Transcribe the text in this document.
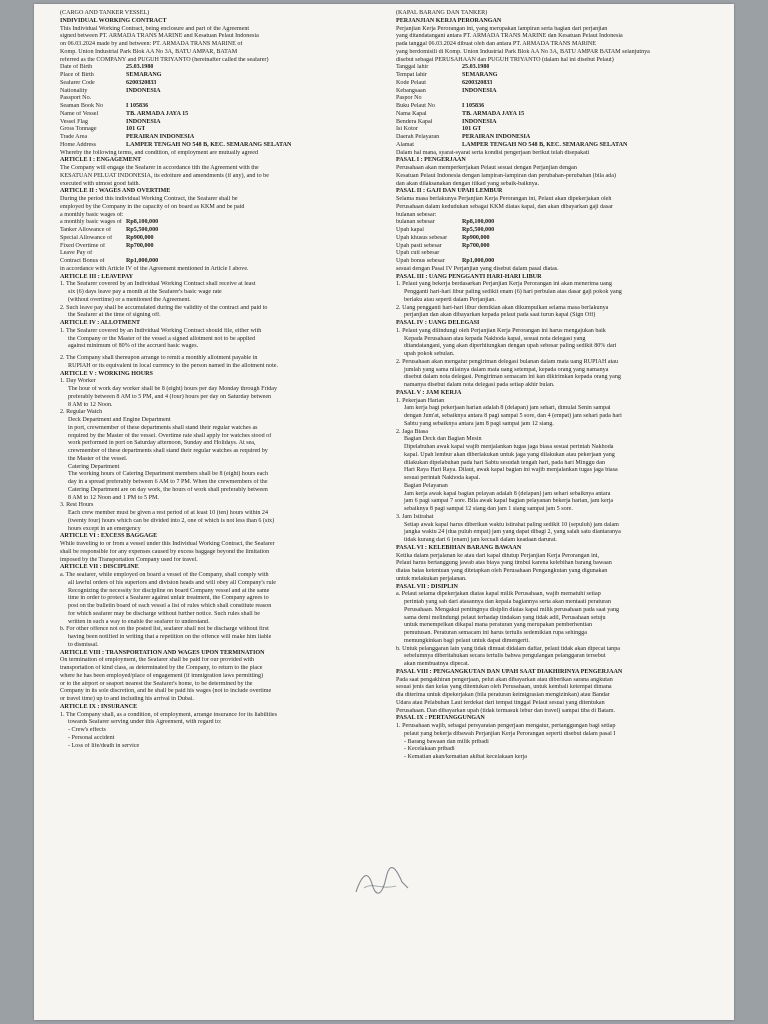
(CARGO AND TANKER VESSEL)

INDIVIDUAL WORKING CONTRACT

This Individual Working Contract, being enclosure and part of the Agreement

signed between PT. ARMADA TRANS MARINE and Kesatuan Pelaut Indonesia

on 06.03.2024 made by and between: PT. ARMADA TRANS MARINE of

Komp. Union Industrial Park Blok AA No 3A, BATU AMPAR, BATAM

referred as the COMPANY and PUGUH TRIYANTO (hereinafter called the seafarer)

Date of Birth	25.03.1980

Place of Birth	SEMARANG

Seafarer Code	6200320833

Nationality	INDONESIA

Passport No.

Seaman Book No	I 105836

Name of Vessel	TB. ARMADA JAYA 15

Vessel Flag	INDONESIA

Gross Tonnage	101 GT

Trade Area	PERAIRAN INDONESIA

Home Address	LAMPER TENGAH NO 548 B, KEC. SEMARANG SELATAN

Whereby the following terms, and condition, of employment are mutually agreed

ARTICLE I : ENGAGEMENT

The Company will engage the Seafarer in accordance tith the Agreement with the

KESATUAN PELUAT INDONESIA, its edoiture and amendments (if any), and to be

executed with utmost good faith.

ARTICLE II : WAGES AND OVERTIME

During the period this individual Working Contract, the Seafarer shall be

employed by the Company in the capacity of on board as KKM and be paid

a monthly basic wages of:

a monthly basic wages of Rp8,100,000

Tanker Allowance of	Rp5,500,000

Special Allowance of	Rp900,000

Fixed Overtime of	Rp700,000

Leave Pay of

Contract Bonus of	Rp1,000,000

in accordance with Article IV of the Agreement mentioned in Article I above.

ARTICLE III : LEAVEPAY

1. The Seafarer covered by an Individual Working Contract shall receive at least

six (6) days leave pay a month at the Seafarer's basic wage rate

(without overtime) or a mentioned the Agreement.

2. Such leave pay shall be accumulated during the validity of the contract and paid to

the Seafarer at the time of signing off.

ARTICLE IV : ALLOTMENT

1. The Seafarer covered by an Individual Working Contract should file, either with

the Company or the Master of the vessel a signed allotment not to be applied

against minimum of 80% of the accrued basic wages.

2. The Company shall thereupon arrange to remit a monthly allotment payable in

RUPIAH or its equivalent in local currency to the person named in the allotment note.

ARTICLE V : WORKING HOURS

1. Day Worker

The hour of work day worker shall be 8 (eight) hours per day Monday through Friday

preferably between 8 AM to 5 PM, and 4 (four) hours per day on Saturday between

8 AM to 12 Noon.

2. Regular Watch

Deck Department and Engine Department

in port, crewmember of these departments shall stand their regular watches as

required by the Master of the vessel. Overtime rate shall apply for watches stood of

work performed in port on Saturday afternoon, Sunday and Holidays. At sea,

crewmember of these departments shall stand their regular watches as required by

the Master of the vessel.

Catering Department

The working hours of Catering Department members shall be 8 (eight) hours each

day in a spread preferably between 6 AM to 7 PM. When the crewmembers of the

Catering Department are on day work, the hours of work shall preferably between

8 AM to 12 Noon and 1 PM to 5 PM.

3. Rest Hours

Each crew member must be given a rest period of at least 10 (ten) hours within 24

(twenty four) hours which can be divided into 2, one of which is not less than 6 (six)

hours except in an emergency

ARTICLE VI : EXCESS BAGGAGE

While traveling to or from a vessel under this Individual Working Contract, the Seafarer

shall be responsible for any expenses caused by excess baggage beyond the limitation

imposed by the Transportation Company used for travel.

ARTICLE VII : DISCIPLINE

a. The seafarer, while employed on board a vessel of the Company, shall comply with

all lawful orders of his superiors and division heads and will obey all Company's rule

Recognizing the necessity for discipline on board Company vessel and at the same

time in order to protect a Seafarer against unfair treatment, the Company agrees to

post on the bulletin board of each vessel a list of rules which shall constitute reason

for which seafarer may be discharge without further notice. Such rules shall be

written in such a way to enable the seafarer to understand.

b. For other offence not on the posted list, seafarer shall not be discharge without first

having been notified in writing that a repetition on the offence will make him liable

to dismissal.

ARTICLE VIII : TRANSPORTATION AND WAGES UPON TERMINATION

On termination of employment, the Seafarer shall be paid for our provided with

transportation of kind class, as determinated by the Company, to return to the place

where he has been employed/place of engagement (if immigration laws permitting)

or to the airport or seaport nearest the Seafarer's home, to be determined by the

Company in its sole discretion, and he shall be paid his wages (not to include overtime

or travel time) up to and including his arrival in Dubai.

ARTICLE IX : INSURANCE

1. The Company shall, as a condition, of employment, arrange insurance for its liabilities

towards Seafarer serving under this Agreement, with regard to:

- Crew's effects

- Personal accident

- Loss of life/death in service

(KAPAL BARANG DAN TANKER)

PERJANJIAN KERJA PERORANGAN

Perjanjian Kerja Perorangan ini, yang merupakan lampiran serta bagian dari perjanjian

yang ditandatangani antara PT. ARMADA TRANS MARINE dan Kesatuan Pelaut Indonesia

pada tanggal 06.03.2024 dibuat oleh dan antara PT. ARMADA TRANS MARINE

yang berdomisili di Komp. Union Industrial Park Blok AA No 3A, BATU AMPAR BATAM selanjutnya

disebut sebagai PERUSAHAAN dan PUGUH TRIYANTO (dalam hal ini disebut Pelaut)

Tanggal lahir	25.03.1980

Tempat lahir	SEMARANG

Kode Pelaut	6200320833

Kebangsaan	INDONESIA

Paspor No

Buku Pelaut No	I 105836

Nama Kapal	TB. ARMADA JAYA 15

Bendera Kapal	INDONESIA

Isi Kotor	101 GT

Daerah Pelayaran	PERAIRAN INDONESIA

Alamat	LAMPER TENGAH NO 548 B, KEC. SEMARANG SELATAN

Dalam hal mana, syarat-syarat serta kondisi pengerjaan berikut telah disepakati

PASAL I : PENGERJAAN

Perusahaan akan memperkerjakan Pelaut sesuai dengan Perjanjian dengan

Kesatuan Pelaut Indonesia dengan lampiran-lampiran dan perubahan-perubahan (bila ada)

dan akan dilaksanakan dengan itikad yang sebaik-baiknya.

PASAL II : GAJI DAN UPAH LEMBUR

Selama masa berlakunya Perjanjian Kerja Perorangan ini, Pelaut akan dipekerjakan oleh

Perusahaan dalam kedudukan sebagai KKM diatas kapal, dan akan dibayarkan gaji dasar

bulanan sebesar:

bulanan sebesar	Rp8,100,000

Upah kapal	Rp5,500,000

Upah khusus sebesar	Rp900,000

Upah pasti sebesar	Rp700,000

Upah cuti sebesar

Upah bonus sebesar	Rp1,000,000

sesuai dengan Pasal IV Perjanjian yang disebut dalam pasal diatas.

PASAL III : UANG PENGGANTI HARI-HARI LIBUR

1. Pelaut yang bekerja berdasarkan Perjanjian Kerja Perorangan ini akan menerima uang

Pengganti hari-hari libur paling sedikit enam (6) hari perbulan atas dasar gaji pokok yang

berlaku atau seperti dalam Perjanjian.

2. Uang pengganti hari-hari libur demikian akan dikumpulkan selama masa berlakunya

perjanjian dan akan dibayarkan kepada pelaut pada saat turun kapal (Sign Off)

PASAL IV : UANG DELEGASI

1. Pelaut yang dilindungi oleh Perjanjian Kerja Perorangan ini harus mengajukan baik

Kepada Perusahaan atau kepada Nakhoda kapal, sesuai nota delegasi yang

ditandatangani, yang akan diperhitungkan dengan upah sebesar paling sedikit 80% dari

upah pokok sebulan.

2. Perusahaan akan mengatur pengiriman delegasi bulanan dalam mata uang RUPIAH atau

jumlah yang sama nilainya dalam mata uang setempat, kepada orang yang namanya

disebut dalam nota delegasi. Pengiriman semacam ini kan dikirimkan kepada orang yang

namanya disebut dalam nota delegasi pada setiap akhir bulan.

PASAL V : JAM KERJA

1. Pekerjaan Harian

Jam kerja bagi pekerjaan harian adalah 8 (delapan) jam sehari, dimulai Senin sampai

dengan Jum'at, sebaiknya antara 8 pagi sampai 5 sore, dan 4 (empat) jam sehari pada hari

Sabtu yang sebaiknya antara jam 8 pagi sampai jam 12 siang.

2. Jaga Biasa

Bagian Deck dan Bagian Mesin

Dipelabuhan awak kapal wajib menjalankan tugas jaga biasa sesuai perintah Nakhoda

kapal. Upah lembur akan diberlakukan untuk jaga yang dilakukan atau pekerjaan yang

dilakukan dipelabuhan pada hari Sabtu sesudah tengah hari, pada hari Minggu dan

Hari Raya Hari Raya. Dilaut, awak kapal bagian ini wajib menjalankan tugas jaga biasa

sesuai perintah Nakhoda kapal.

Bagian Pelayanan

Jam kerja awak kapal bagian pelayan adalah 8 (delapan) jam sehari sebaiknya antara

jam 6 pagi sampai 7 sore. Bila awak kapal bagian pelayanan bekerja harian, jam kerja

sebaiknya 8 pagi sampai 12 siang dan jam 1 siang sampai jam 5 sore.

3. Jam Istirahat

Setiap awak kapal harus diberikan waktu istirahat paling sedikit 10 (sepuluh) jam dalam

jangka waktu 24 (dua puluh empat) jam yang dapat dibagi 2, yang salah satu diantaranya

tidak kurang dari 6 (enam) jam kecuali dalam keadaan darurat.

PASAL VI : KELEBIHAN BARANG BAWAAN

Ketika dalam perjalanan ke atau dari kapal ditutup Perjanjian Kerja Perorangan ini,

Pelaut harus bertanggung jawab atas biaya yang timbul karena kelebihan barang bawaan

diatas batas ketentuan yang ditetapkan oleh Perusahaan Pengangkutan yang digunakan

untuk melakukan perjalanan.

PASAL VII : DISIPLIN

a. Pelaut selama dipekerjakan diatas kapal milik Perusahaan, wajib mematuhi setiap

perintah yang sah dari atasannya dan kepala bagiannya serta akan mentaati peraturan

Perusahaan. Mengakui pentingnya disiplin diatas kapal milik perusahaan pada saat yang

sama demi melindungi pelaut terhadap tindakan yang tidak adil, Perusahaan setuju

untuk menempelkan dikapal mana peraturan yang merupakan pemberhentian

pemutusan. Peraturan semacam ini harus tertulis sedemikian rupa sehingga

memungkinkan bagi pelaut untuk dapat dimengerti.

b. Untuk pelanggaran lain yang tidak dimuat didalam daftar, pelaut tidak akan dipecat tanpa

sebelumnya diberitahukan secara tertulis bahwa pengulangan pelanggaran tersebut

akan membuatnya dipecat.

PASAL VIII : PENGANGKUTAN DAN UPAH SAAT DIAKHIRINYA PENGERJAAN

Pada saat pengakhiran pengerjaan, pelut akan dibayarkan atau diberikan sarana angkutan

sesuai jenis dan kelas yang ditentukan oleh Perusahaan, untuk kembali ketempat dimana

dia diterima untuk dipekerjakan (bila peraturan keimigrasian mengizinkan) atau Bandar

Udara atau Pelabuhan Laut terdekat dari tempat tinggal Pelaut sesuai yang ditentukan

Perusahaan. Dan dibayarkan upah (tidak termasuk lebur dan travel) sampai tiba di Batam.

PASAL IX : PERTANGGUNGAN

1. Perusahaan wajib, sebagai persyaratan pengerjaan mengatur, pertanggungan bagi setiap

pelaut yang bekerja dibawah Perjanjian Kerja Perorangan seperti disebut dalam pasal I

- Barang bawaan dan milik pribadi

- Kecelakaan pribadi

- Kematian akan/kematian akibat kecelakaan kerja
